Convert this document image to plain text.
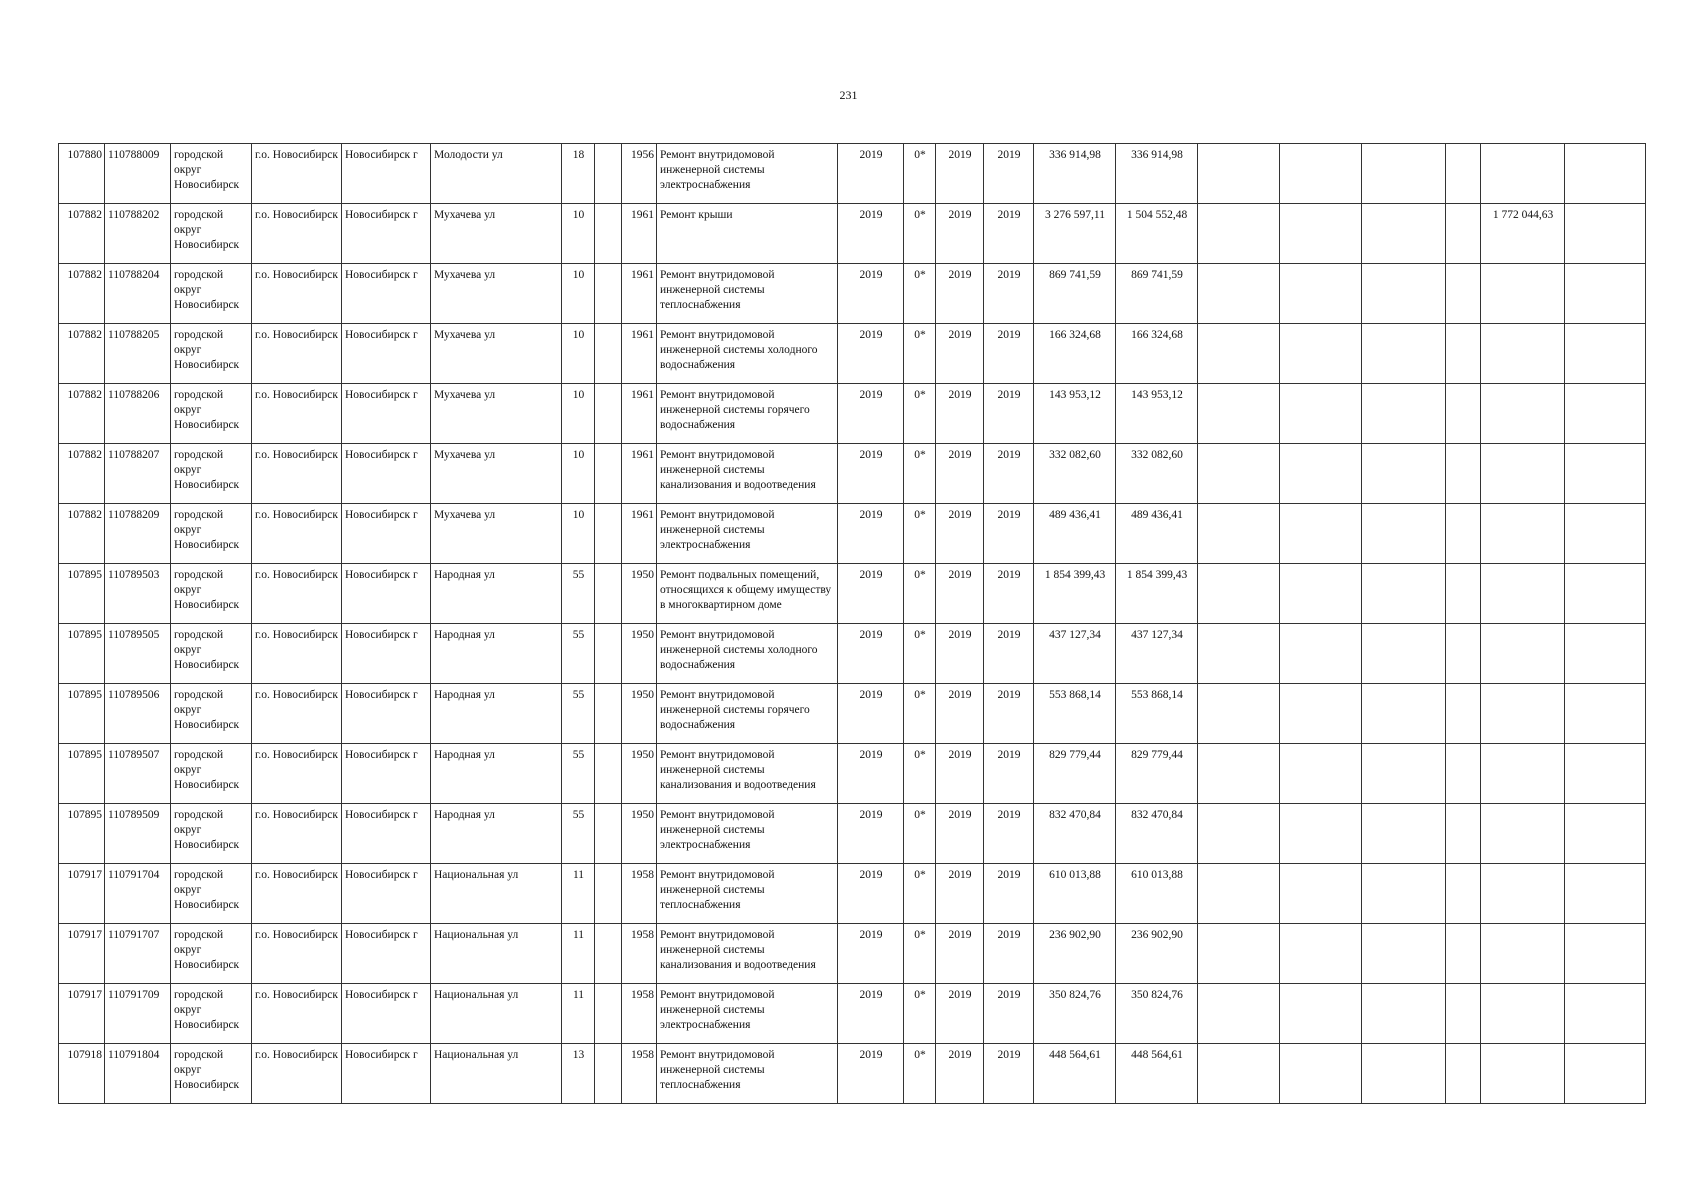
231
107880	110788009	городской округ Новосибирск	г.о. Новосибирск	Новосибирск г	Молодости ул	18		1956	Ремонт внутридомовой инженерной системы электроснабжения	2019	0*	2019	2019	336 914,98	336 914,98						
107882	110788202	городской округ Новосибирск	г.о. Новосибирск	Новосибирск г	Мухачева ул	10		1961	Ремонт крыши	2019	0*	2019	2019	3 276 597,11	1 504 552,48					1 772 044,63	
107882	110788204	городской округ Новосибирск	г.о. Новосибирск	Новосибирск г	Мухачева ул	10		1961	Ремонт внутридомовой инженерной системы теплоснабжения	2019	0*	2019	2019	869 741,59	869 741,59						
107882	110788205	городской округ Новосибирск	г.о. Новосибирск	Новосибирск г	Мухачева ул	10		1961	Ремонт внутридомовой инженерной системы холодного водоснабжения	2019	0*	2019	2019	166 324,68	166 324,68						
107882	110788206	городской округ Новосибирск	г.о. Новосибирск	Новосибирск г	Мухачева ул	10		1961	Ремонт внутридомовой инженерной системы горячего водоснабжения	2019	0*	2019	2019	143 953,12	143 953,12						
107882	110788207	городской округ Новосибирск	г.о. Новосибирск	Новосибирск г	Мухачева ул	10		1961	Ремонт внутридомовой инженерной системы канализования и водоотведения	2019	0*	2019	2019	332 082,60	332 082,60						
107882	110788209	городской округ Новосибирск	г.о. Новосибирск	Новосибирск г	Мухачева ул	10		1961	Ремонт внутридомовой инженерной системы электроснабжения	2019	0*	2019	2019	489 436,41	489 436,41						
107895	110789503	городской округ Новосибирск	г.о. Новосибирск	Новосибирск г	Народная ул	55		1950	Ремонт подвальных помещений, относящихся к общему имуществу в многоквартирном доме	2019	0*	2019	2019	1 854 399,43	1 854 399,43						
107895	110789505	городской округ Новосибирск	г.о. Новосибирск	Новосибирск г	Народная ул	55		1950	Ремонт внутридомовой инженерной системы холодного водоснабжения	2019	0*	2019	2019	437 127,34	437 127,34						
107895	110789506	городской округ Новосибирск	г.о. Новосибирск	Новосибирск г	Народная ул	55		1950	Ремонт внутридомовой инженерной системы горячего водоснабжения	2019	0*	2019	2019	553 868,14	553 868,14						
107895	110789507	городской округ Новосибирск	г.о. Новосибирск	Новосибирск г	Народная ул	55		1950	Ремонт внутридомовой инженерной системы канализования и водоотведения	2019	0*	2019	2019	829 779,44	829 779,44						
107895	110789509	городской округ Новосибирск	г.о. Новосибирск	Новосибирск г	Народная ул	55		1950	Ремонт внутридомовой инженерной системы электроснабжения	2019	0*	2019	2019	832 470,84	832 470,84						
107917	110791704	городской округ Новосибирск	г.о. Новосибирск	Новосибирск г	Национальная ул	11		1958	Ремонт внутридомовой инженерной системы теплоснабжения	2019	0*	2019	2019	610 013,88	610 013,88						
107917	110791707	городской округ Новосибирск	г.о. Новосибирск	Новосибирск г	Национальная ул	11		1958	Ремонт внутридомовой инженерной системы канализования и водоотведения	2019	0*	2019	2019	236 902,90	236 902,90						
107917	110791709	городской округ Новосибирск	г.о. Новосибирск	Новосибирск г	Национальная ул	11		1958	Ремонт внутридомовой инженерной системы электроснабжения	2019	0*	2019	2019	350 824,76	350 824,76						
107918	110791804	городской округ Новосибирск	г.о. Новосибирск	Новосибирск г	Национальная ул	13		1958	Ремонт внутридомовой инженерной системы теплоснабжения	2019	0*	2019	2019	448 564,61	448 564,61						
